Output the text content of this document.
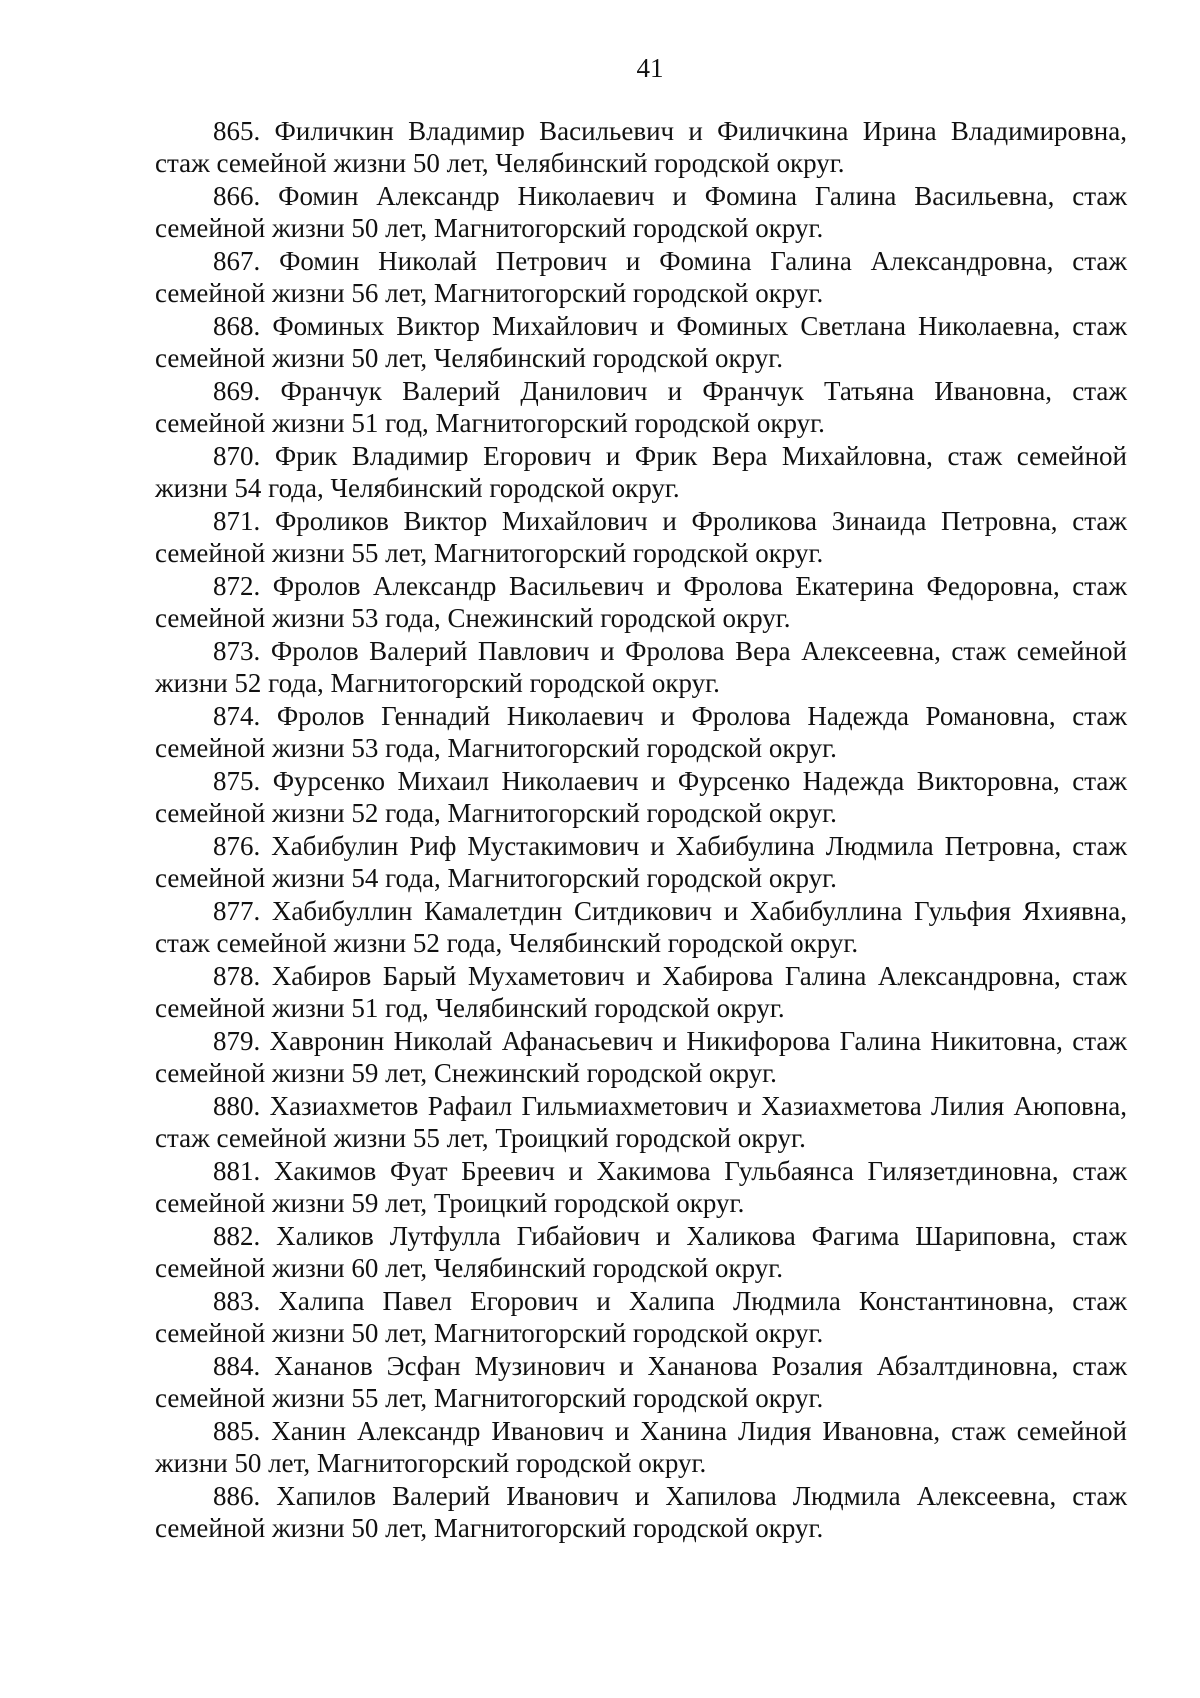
41
865. Филичкин Владимир Васильевич и Филичкина Ирина Владимировна, стаж семейной жизни 50 лет, Челябинский городской округ.
866. Фомин Александр Николаевич и Фомина Галина Васильевна, стаж семейной жизни 50 лет, Магнитогорский городской округ.
867. Фомин Николай Петрович и Фомина Галина Александровна, стаж семейной жизни 56 лет, Магнитогорский городской округ.
868. Фоминых Виктор Михайлович и Фоминых Светлана Николаевна, стаж семейной жизни 50 лет, Челябинский городской округ.
869. Франчук Валерий Данилович и Франчук Татьяна Ивановна, стаж семейной жизни 51 год, Магнитогорский городской округ.
870. Фрик Владимир Егорович и Фрик Вера Михайловна, стаж семейной жизни 54 года, Челябинский городской округ.
871. Фроликов Виктор Михайлович и Фроликова Зинаида Петровна, стаж семейной жизни 55 лет, Магнитогорский городской округ.
872. Фролов Александр Васильевич и Фролова Екатерина Федоровна, стаж семейной жизни 53 года, Снежинский городской округ.
873. Фролов Валерий Павлович и Фролова Вера Алексеевна, стаж семейной жизни 52 года, Магнитогорский городской округ.
874. Фролов Геннадий Николаевич и Фролова Надежда Романовна, стаж семейной жизни 53 года, Магнитогорский городской округ.
875. Фурсенко Михаил Николаевич и Фурсенко Надежда Викторовна, стаж семейной жизни 52 года, Магнитогорский городской округ.
876. Хабибулин Риф Мустакимович и Хабибулина Людмила Петровна, стаж семейной жизни 54 года, Магнитогорский городской округ.
877. Хабибуллин Камалетдин Ситдикович и Хабибуллина Гульфия Яхиявна, стаж семейной жизни 52 года, Челябинский городской округ.
878. Хабиров Барый Мухаметович и Хабирова Галина Александровна, стаж семейной жизни 51 год, Челябинский городской округ.
879. Хавронин Николай Афанасьевич и Никифорова Галина Никитовна, стаж семейной жизни 59 лет, Снежинский городской округ.
880. Хазиахметов Рафаил Гильмиахметович и Хазиахметова Лилия Аюповна, стаж семейной жизни 55 лет, Троицкий городской округ.
881. Хакимов Фуат Бреевич и Хакимова Гульбаянса Гилязетдиновна, стаж семейной жизни 59 лет, Троицкий городской округ.
882. Халиков Лутфулла Гибайович и Халикова Фагима Шариповна, стаж семейной жизни 60 лет, Челябинский городской округ.
883. Халипа Павел Егорович и Халипа Людмила Константиновна, стаж семейной жизни 50 лет, Магнитогорский городской округ.
884. Хананов Эсфан Музинович и Хананова Розалия Абзалтдиновна, стаж семейной жизни 55 лет, Магнитогорский городской округ.
885. Ханин Александр Иванович и Ханина Лидия Ивановна, стаж семейной жизни 50 лет, Магнитогорский городской округ.
886. Хапилов Валерий Иванович и Хапилова Людмила Алексеевна, стаж семейной жизни 50 лет, Магнитогорский городской округ.
